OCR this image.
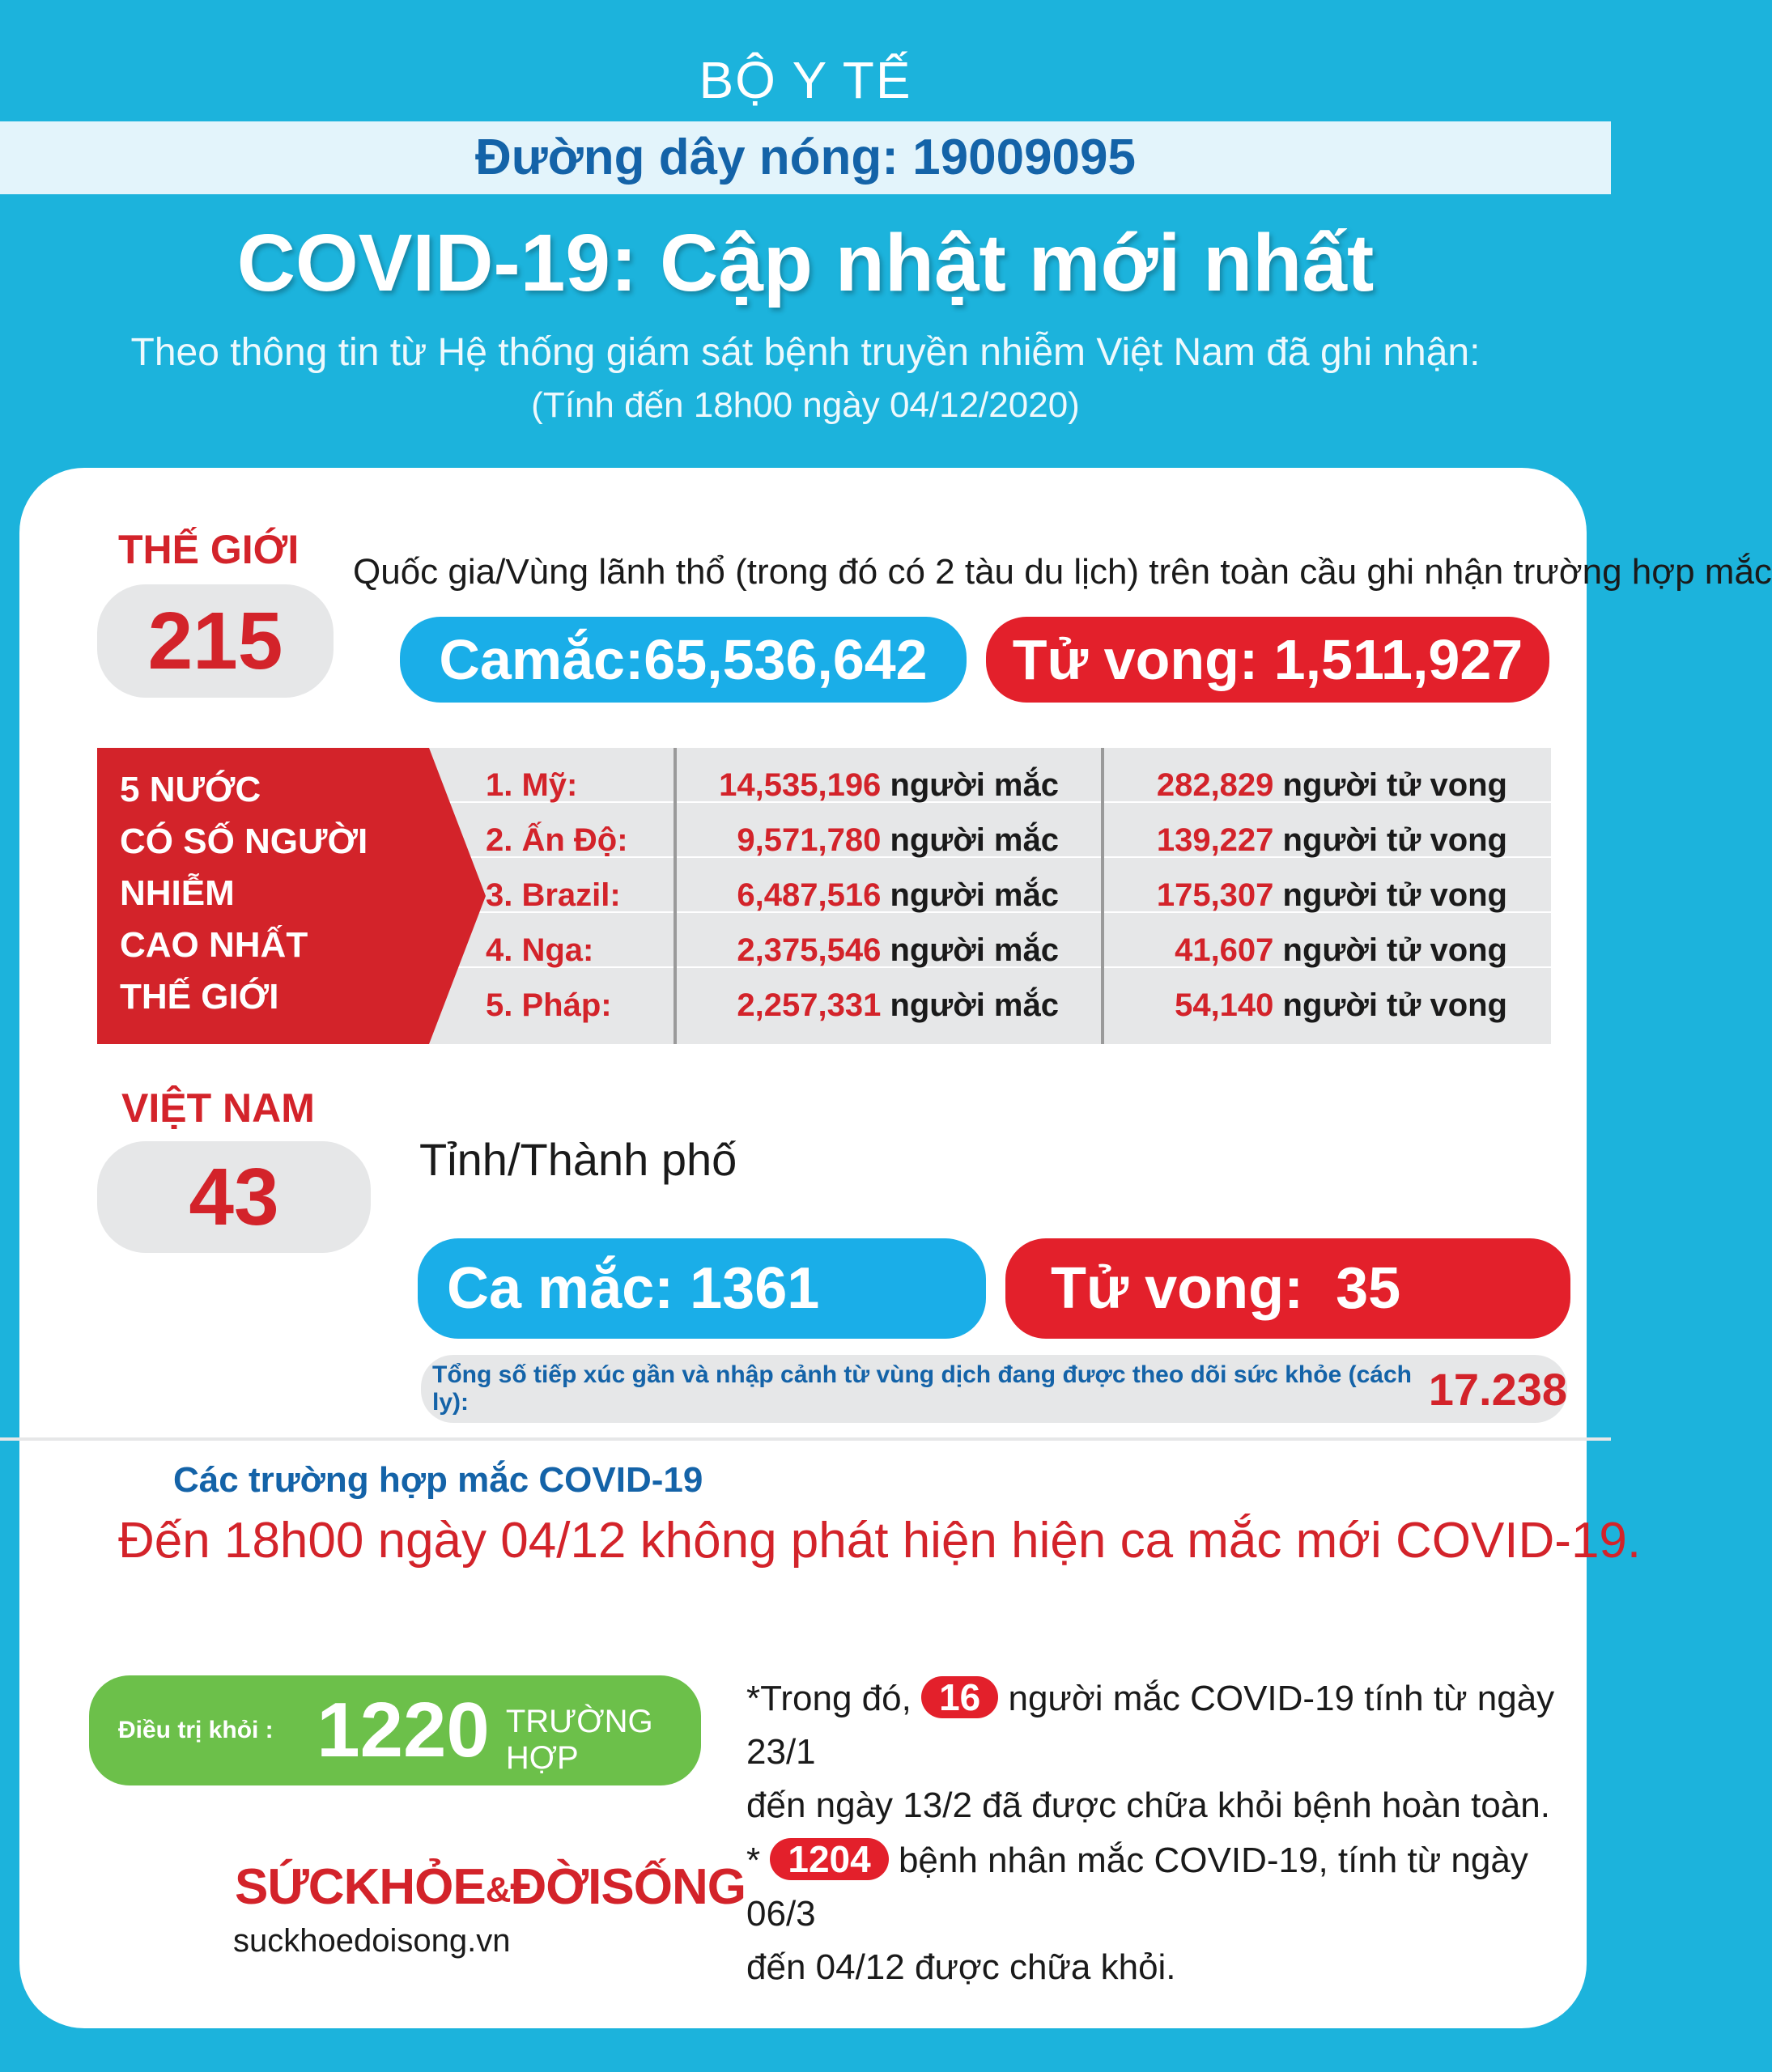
BỘ Y TẾ
Đường dây nóng: 19009095
COVID-19: Cập nhật mới nhất
Theo thông tin từ Hệ thống giám sát bệnh truyền nhiễm Việt Nam đã ghi nhận:
(Tính đến 18h00 ngày 04/12/2020)
THẾ GIỚI
215
Quốc gia/Vùng lãnh thổ (trong đó có 2 tàu du lịch) trên toàn cầu ghi nhận trường hợp mắc
Camắc:65,536,642	Tử vong: 1,511,927
5 NƯỚC
CÓ SỐ NGƯỜI
NHIỄM
CAO NHẤT
THẾ GIỚI
1. Mỹ:	14,535,196 người mắc	282,829 người tử vong
2. Ấn Độ:	9,571,780 người mắc	139,227 người tử vong
3. Brazil:	6,487,516 người mắc	175,307 người tử vong
4. Nga:	2,375,546 người mắc	41,607 người tử vong
5. Pháp:	2,257,331 người mắc	54,140 người tử vong
VIỆT NAM
43	Tỉnh/Thành phố
Ca mắc: 1361	Tử vong:  35
Tổng số tiếp xúc gần và nhập cảnh từ vùng dịch đang được theo dõi sức khỏe (cách ly):	17.238
Các trường hợp mắc COVID-19
Đến 18h00 ngày 04/12 không phát hiện hiện ca mắc mới COVID-19.
Điều trị khỏi : 1220 TRƯỜNG HỢP
*Trong đó, 16 người mắc COVID-19 tính từ ngày 23/1
đến ngày 13/2 đã được chữa khỏi bệnh hoàn toàn.
* 1204 bệnh nhân mắc COVID-19, tính từ ngày 06/3
đến 04/12 được chữa khỏi.
SỨCKHỎE&ĐỜISỐNG
suckhoedoisong.vn
